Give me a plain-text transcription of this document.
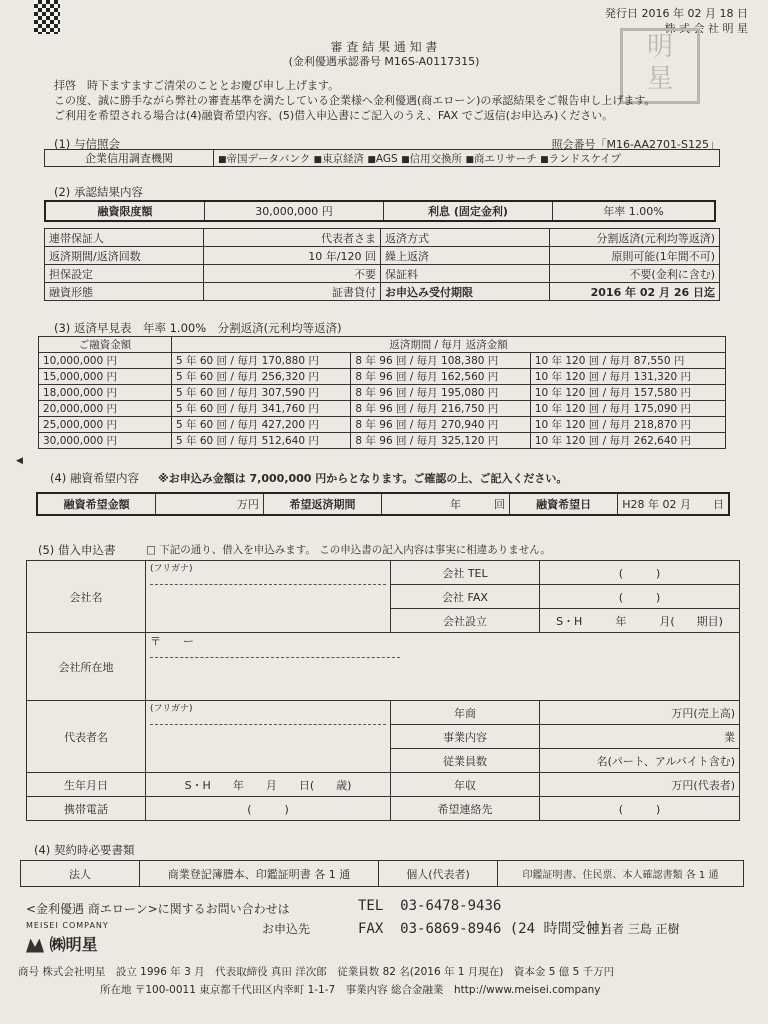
発行日 2016 年 02 月 18 日
株 式 会 社 明 星
明
星
審 査 結 果 通 知 書
(金利優遇承認番号 M16S-A0117315)
拝啓　時下ますますご清栄のこととお慶び申し上げます。
この度、誠に勝手ながら弊社の審査基準を満たしている企業様へ金利優遇(商エローン)の承認結果をご報告申し上げます。
ご利用を希望される場合は(4)融資希望内容、(5)借入申込書にご記入のうえ、FAX でご返信(お申込み)ください。
(1) 与信照会	照会番号「M16-AA2701-S125」
企業信用調査機関	■帝国データバンク ■ 東京経済 ■ AGS ■ 信用交換所 ■ 商エリサーチ ■ ランドスケイプ
(2) 承認結果内容
融資限度額	30,000,000 円	利息 (固定金利)	年率 1.00%
連帯保証人	代表者さま	返済方式	分割返済(元利均等返済)
返済期間/返済回数	10 年/120 回	繰上返済	原則可能(1年間不可)
担保設定	不要	保証料	不要(金利に含む)
融資形態	証書貸付	お申込み受付期限	2016 年 02 月 26 日迄
(3) 返済早見表　年率 1.00%　分割返済(元利均等返済)
ご融資金額	返済期間 / 毎月 返済金額		
10,000,000 円	5 年 60 回 / 毎月 170,880 円	8 年 96 回 / 毎月 108,380 円	10 年 120 回 / 毎月 87,550 円
15,000,000 円	5 年 60 回 / 毎月 256,320 円	8 年 96 回 / 毎月 162,560 円	10 年 120 回 / 毎月 131,320 円
18,000,000 円	5 年 60 回 / 毎月 307,590 円	8 年 96 回 / 毎月 195,080 円	10 年 120 回 / 毎月 157,580 円
20,000,000 円	5 年 60 回 / 毎月 341,760 円	8 年 96 回 / 毎月 216,750 円	10 年 120 回 / 毎月 175,090 円
25,000,000 円	5 年 60 回 / 毎月 427,200 円	8 年 96 回 / 毎月 270,940 円	10 年 120 回 / 毎月 218,870 円
30,000,000 円	5 年 60 回 / 毎月 512,640 円	8 年 96 回 / 毎月 325,120 円	10 年 120 回 / 毎月 262,640 円
◀
(4) 融資希望内容 ※お申込み金額は 7,000,000 円からとなります。ご確認の上、ご記入ください。
融資希望金額	万円	希望返済期間	年　　　	回	融資希望日	H28 年 02 月　　 日
(5) 借入申込書	□ 下記の通り、借入を申込みます。 この申込書の記入内容は事実に相違ありません。
会社名	(フリガナ)	会社 TEL	(　　　)
		会社 FAX	(　　　)
		会社設立	S・H　　　年　　　月(　　期目)
会社所在地	〒　　ー		

代表者名	(フリガナ)	年商	万円(売上高)
		事業内容	業
		従業員数	名(パート、アルバイト含む)
生年月日	S・H　　年　　月　　日(　　歳)	年収	万円(代表者)
携帯電話	(　　　)	希望連絡先	(　　　)
(4) 契約時必要書類
法人	商業登記簿謄本、印鑑証明書 各 1 通	個人(代表者)	印鑑証明書、住民票、本人確認書類 各 1 通
<金利優遇 商エローン>に関するお問い合わせは	TEL 03-6478-9436
お申込先	FAX 03-6869-8946 (24 時間受付)
担当者 三島 正樹
MEISEI COMPANY
㈱明星
商号 株式会社明星　設立 1996 年 3 月　代表取締役 真田 洋次郎　従業員数 82 名(2016 年 1 月現在)　資本金 5 億 5 千万円
所在地 〒100-0011 東京都千代田区内幸町 1-1-7　事業内容 総合金融業　http://www.meisei.company
